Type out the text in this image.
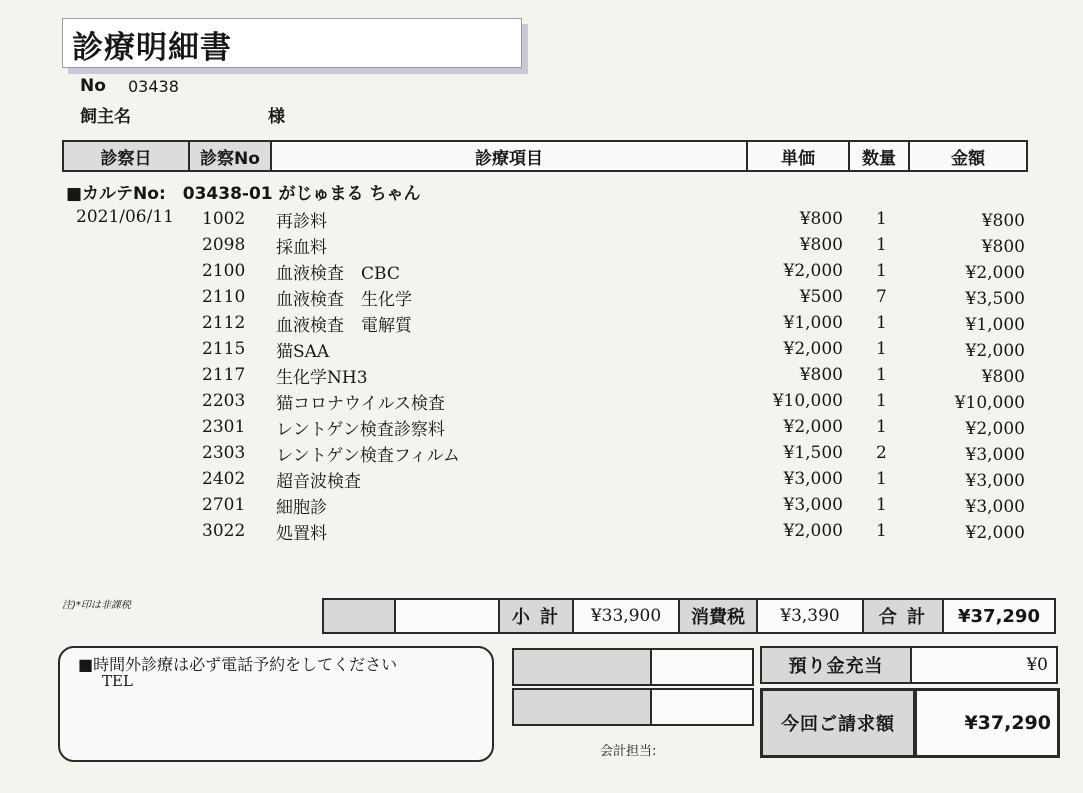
診療明細書
No 03438
飼主名	様
診察日	診察No	診療項目	単価	数量	金額
■カルテNo:　03438-01 がじゅまる ちゃん
2021/06/11 1002 再診料	¥800 1	¥800
2098 採血料	¥800 1	¥800
2100 血液検査　CBC	¥2,000 1	¥2,000
2110 血液検査　生化学	¥500 7	¥3,500
2112 血液検査　電解質	¥1,000 1	¥1,000
2115 猫SAA	¥2,000 1	¥2,000
2117 生化学NH3	¥800 1	¥800
2203 猫コロナウイルス検査	¥10,000 1	¥10,000
2301 レントゲン検査診察料	¥2,000 1	¥2,000
2303 レントゲン検査フィルム	¥1,500 2	¥3,000
2402 超音波検査	¥3,000 1	¥3,000
2701 細胞診	¥3,000 1	¥3,000
3022 処置料	¥2,000 1	¥2,000
注)*印は非課税
小 計	¥33,900	消費税	¥3,390	合 計	¥37,290
■時間外診療は必ず電話予約をしてください
TEL
預り金充当	¥0
今回ご請求額	¥37,290
会計担当:
